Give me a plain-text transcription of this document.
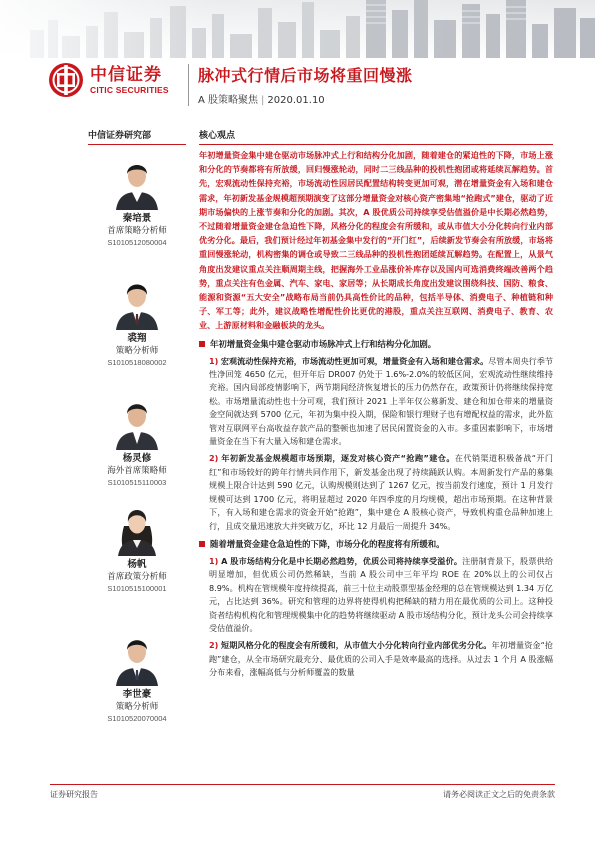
中信证券
CITIC SECURITIES
脉冲式行情后市场将重回慢涨
A 股策略聚焦 | 2020.01.10
中信证券研究部
秦培景
首席策略分析师
S1010512050004
裘翔
策略分析师
S1010518080002
杨灵修
海外首席策略师
S1010515110003
杨帆
首席政策分析师
S1010515100001
李世豪
策略分析师
S1010520070004
核心观点
年初增量资金集中建仓驱动市场脉冲式上行和结构分化加剧，随着建仓的紧迫性的下降，市场上涨和分化的节奏都将有所放缓，回归慢涨轮动，同时二三线品种的投机性抱团或将延续瓦解趋势。首先，宏观流动性保持充裕，市场流动性因居民配置结构转变更加可观，潜在增量资金有入场和建仓需求，年初新发基金规模超预期演变了这部分增量资金对核心资产密集地“抢跑式”建仓，驱动了近期市场偏快的上涨节奏和分化的加剧。其次，A 股优质公司持续享受估值溢价是中长期必然趋势，不过随着增量资金建仓急迫性下降，风格分化的程度会有所缓和，或从市值大小分化转向行业内部优劣分化。最后，我们预计经过年初基金集中发行的“开门红”，后续新发节奏会有所放缓，市场将重回慢涨轮动，机构密集的调仓或导致二三线品种的投机性抱团延续瓦解趋势。在配置上，从景气角度出发建议重点关注顺周期主线，把握海外工业品涨价补库存以及国内可选消费终端改善两个趋势，重点关注有色金属、汽车、家电、家居等；从长期成长角度出发建议围绕科技、国防、粮食、能源和资源“五大安全”战略布局当前仍具高性价比的品种，包括半导体、消费电子、种植链和种子、军工等；此外，建议战略性增配性价比更优的港股，重点关注互联网、消费电子、教育、农业、上游原材料和金融板块的龙头。
年初增量资金集中建仓驱动市场脉冲式上行和结构分化加剧。
1) 宏观流动性保持充裕，市场流动性更加可观，增量资金有入场和建仓需求。尽管本周央行季节性净回笼 4650 亿元，但开年后 DR007 仍处于 1.6%-2.0%的较低区间，宏观流动性继续维持充裕。国内局部疫情影响下，两节期间经济恢复增长的压力仍然存在，政策预计仍将继续保持宽松。市场增量流动性也十分可观，我们预计 2021 上半年仅公募新发、建仓和加仓带来的增量资金空间就达到 5700 亿元，年初为集中投入期，保险和银行理财子也有增配权益的需求，此外监管对互联网平台高收益存款产品的整顿也加速了居民闲置资金的入市。多重因素影响下，市场增量资金在当下有大量入场和建仓需求。
2) 年初新发基金规模超市场预期，逐发对核心资产“抢跑”建仓。在代销渠道积极备战“开门红”和市场较好的跨年行情共同作用下，新发基金出现了持续踊跃认购。本周新发行产品的募集规模上限合计达到 590 亿元，认购规模则达到了 1267 亿元，按当前发行速度，预计 1 月发行规模可达到 1700 亿元，将明显超过 2020 年四季度的月均规模，超出市场预期。在这种背景下，有入场和建仓需求的资金开始“抢跑”，集中建仓 A 股核心资产，导致机构重仓品种加速上行，且成交量迅速放大并突破万亿，环比 12 月最后一周提升 34%。
随着增量资金建仓急迫性的下降，市场分化的程度将有所缓和。
1) A 股市场结构分化是中长期必然趋势，优质公司将持续享受溢价。注册制背景下，股票供给明显增加，但优质公司仍然稀缺，当前 A 股公司中三年平均 ROE 在 20%以上的公司仅占 8.9%。机构在管规模年度持续提高，前三十位主动股票型基金经理的总在管规模达到 1.34 万亿元，占比达到 36%。研究和管理的边界将使得机构把稀缺的精力用在最优质的公司上。这种投资者结构机构化和管理规模集中化的趋势将继续驱动 A 股市场结构分化，预计龙头公司会持续享受估值溢价。
2) 短期风格分化的程度会有所缓和，从市值大小分化转向行业内部优劣分化。年初增量资金“抢跑”建仓，从全市场研究最充分、最优质的公司入手是效率最高的选择。从过去 1 个月 A 股涨幅分布来看，涨幅高低与分析师覆盖的数量
证券研究报告	请务必阅读正文之后的免责条款
